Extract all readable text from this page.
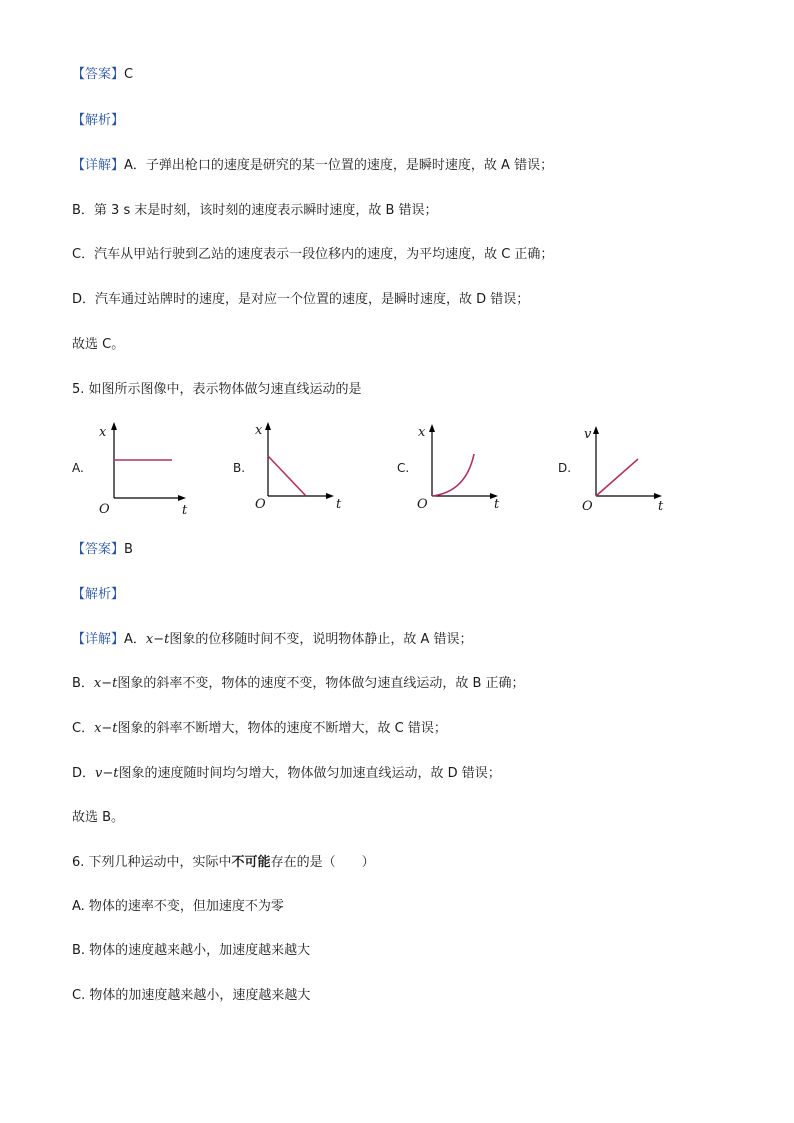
【答案】C
【解析】
【详解】A．子弹出枪口的速度是研究的某一位置的速度，是瞬时速度，故 A 错误；
B．第 3 s 末是时刻，该时刻的速度表示瞬时速度，故 B 错误；
C．汽车从甲站行驶到乙站的速度表示一段位移内的速度，为平均速度，故 C 正确；
D．汽车通过站牌时的速度，是对应一个位置的速度，是瞬时速度，故 D 错误；
故选 C。
5. 如图所示图像中，表示物体做匀速直线运动的是
A.
x
t
O
B.
x
t
O
C.
x
t
O
D.
v
t
O
【答案】B
【解析】
【详解】A．x−t图象的位移随时间不变，说明物体静止，故 A 错误；
B．x−t图象的斜率不变，物体的速度不变，物体做匀速直线运动，故 B 正确；
C．x−t图象的斜率不断增大，物体的速度不断增大，故 C 错误；
D．v−t图象的速度随时间均匀增大，物体做匀加速直线运动，故 D 错误；
故选 B。
6. 下列几种运动中，实际中不可能存在的是（　　）
A. 物体的速率不变，但加速度不为零
B. 物体的速度越来越小，加速度越来越大
C. 物体的加速度越来越小，速度越来越大
